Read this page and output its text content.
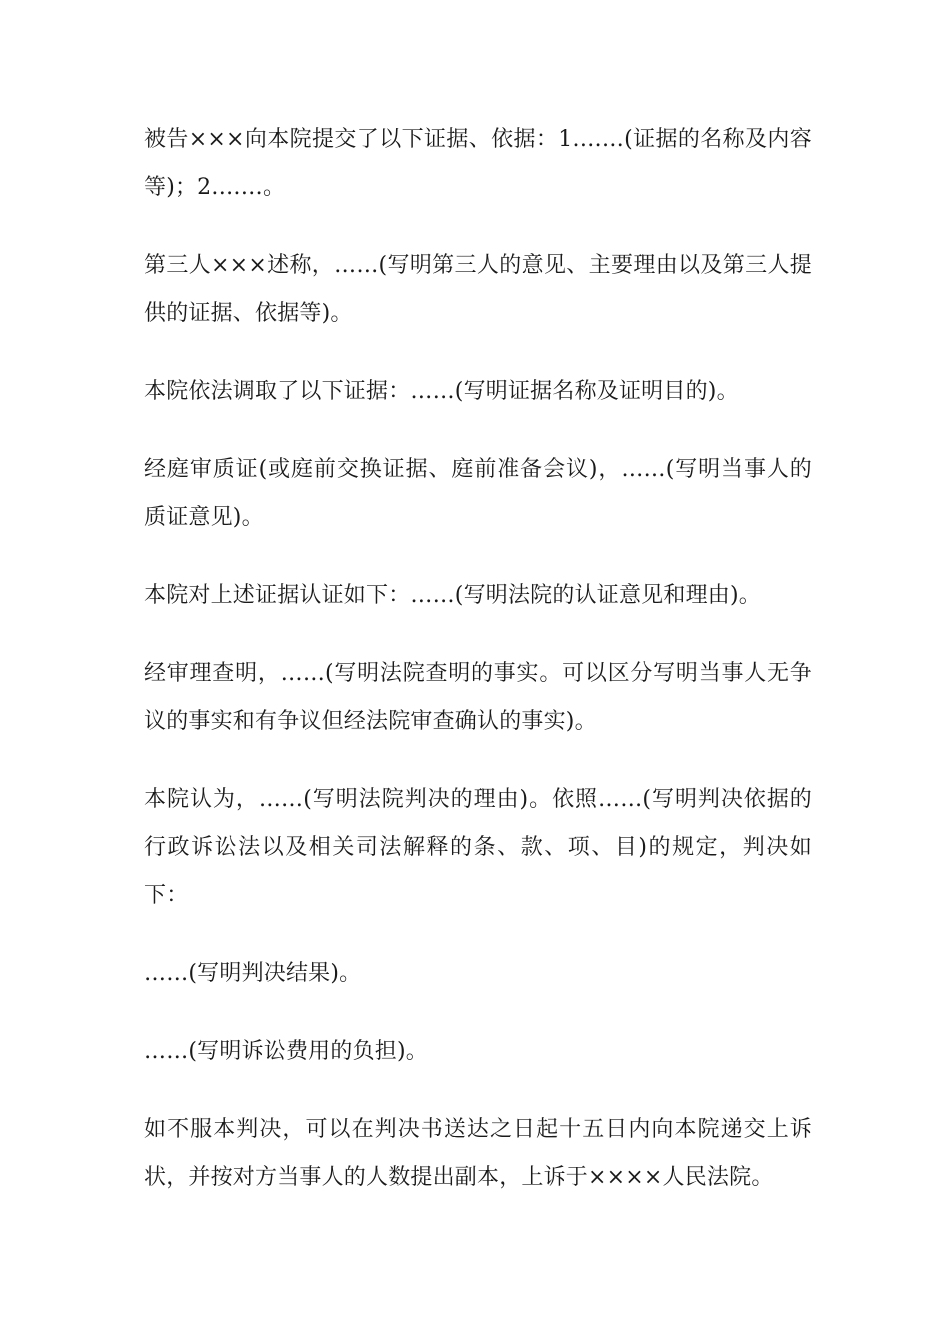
被告×××向本院提交了以下证据、依据：1.……(证据的名称及内容等)；2.……。

第三人×××述称，……(写明第三人的意见、主要理由以及第三人提供的证据、依据等)。

本院依法调取了以下证据：……(写明证据名称及证明目的)。

经庭审质证(或庭前交换证据、庭前准备会议)，……(写明当事人的质证意见)。

本院对上述证据认证如下：……(写明法院的认证意见和理由)。

经审理查明，……(写明法院查明的事实。可以区分写明当事人无争议的事实和有争议但经法院审查确认的事实)。

本院认为，……(写明法院判决的理由)。依照……(写明判决依据的行政诉讼法以及相关司法解释的条、款、项、目)的规定，判决如下：

……(写明判决结果)。

……(写明诉讼费用的负担)。

如不服本判决，可以在判决书送达之日起十五日内向本院递交上诉状，并按对方当事人的人数提出副本，上诉于××××人民法院。
